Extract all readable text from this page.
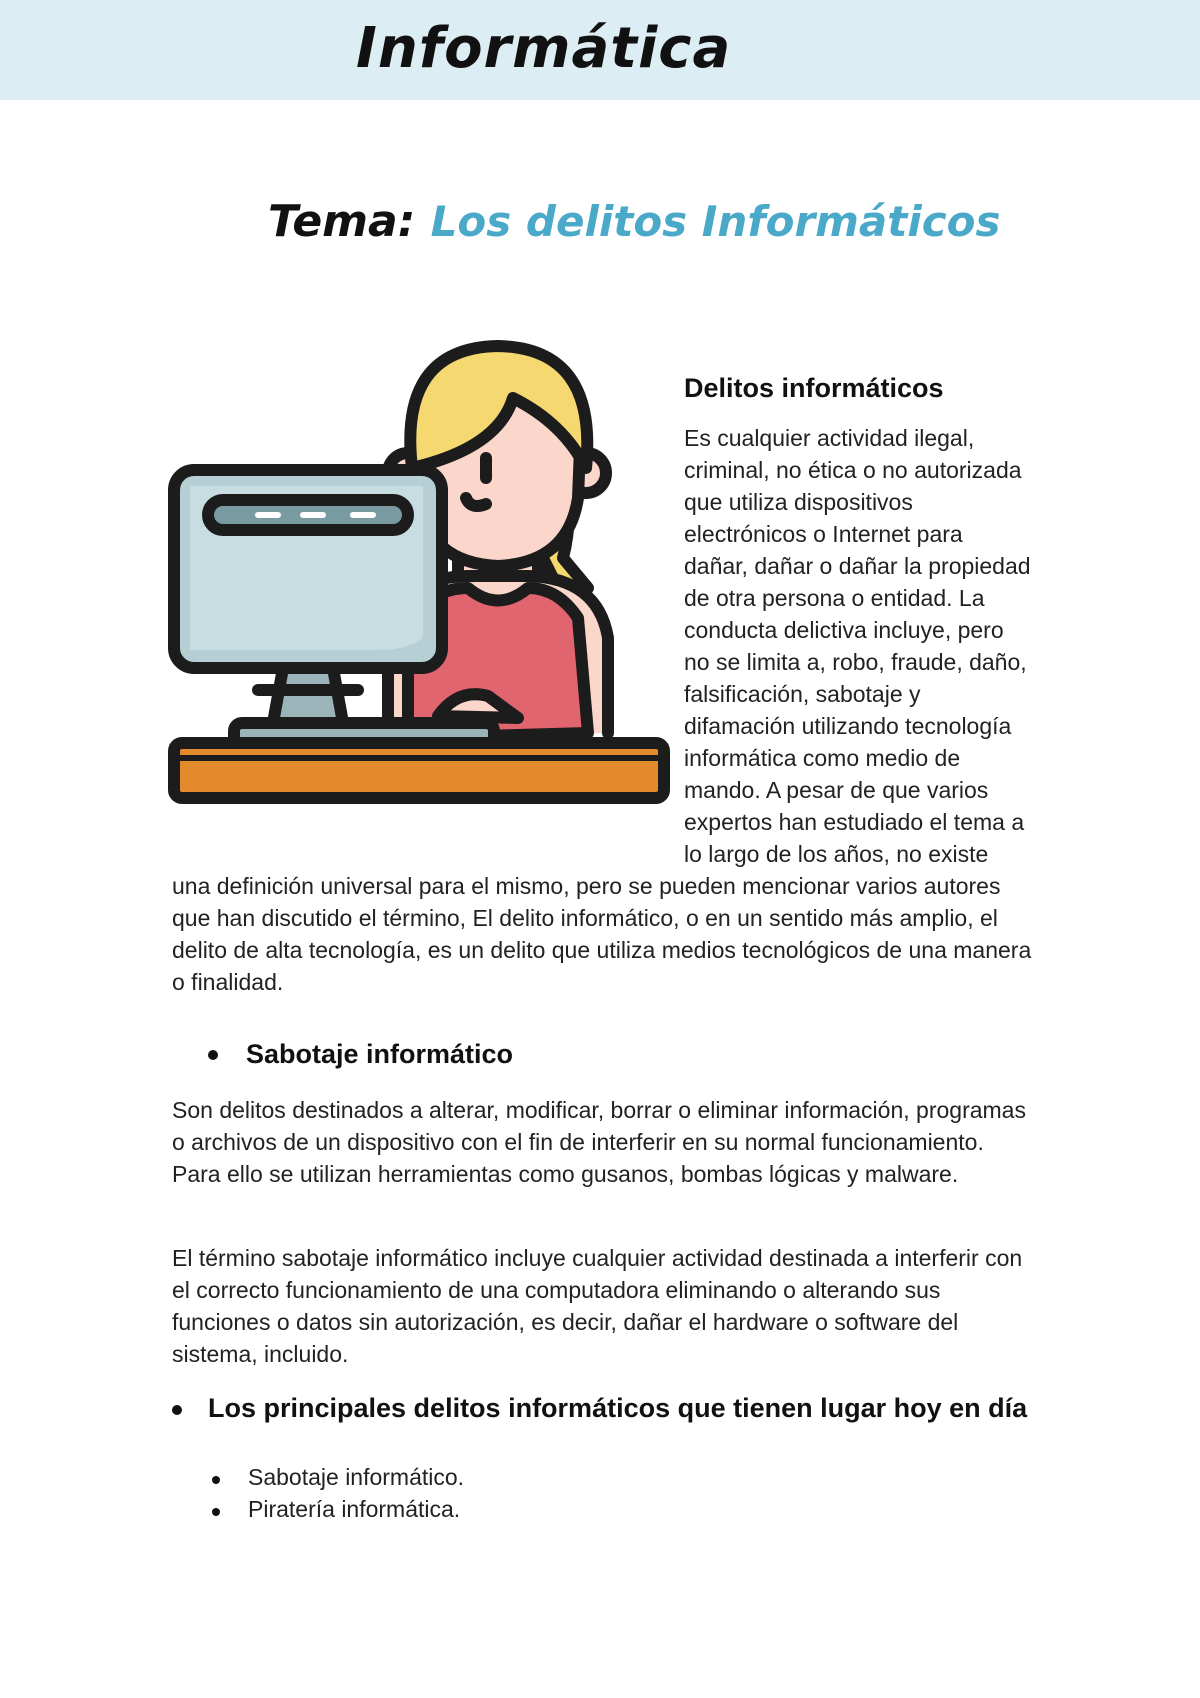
Informática
Tema: Los delitos Informáticos
Delitos informáticos

Es cualquier actividad ilegal, criminal, no ética o no autorizada que utiliza dispositivos electrónicos o Internet para dañar, dañar o dañar la propiedad de otra persona o entidad. La conducta delictiva incluye, pero no se limita a, robo, fraude, daño, falsificación, sabotaje y difamación utilizando tecnología informática como medio de mando. A pesar de que varios expertos han estudiado el tema a lo largo de los años, no existe una definición universal para el mismo, pero se pueden mencionar varios autores que han discutido el término, El delito informático, o en un sentido más amplio, el delito de alta tecnología, es un delito que utiliza medios tecnológicos de una manera o finalidad.

Sabotaje informático

Son delitos destinados a alterar, modificar, borrar o eliminar información, programas o archivos de un dispositivo con el fin de interferir en su normal funcionamiento. Para ello se utilizan herramientas como gusanos, bombas lógicas y malware.

El término sabotaje informático incluye cualquier actividad destinada a interferir con el correcto funcionamiento de una computadora eliminando o alterando sus funciones o datos sin autorización, es decir, dañar el hardware o software del sistema, incluido.

Los principales delitos informáticos que tienen lugar hoy en día
Sabotaje informático.
Piratería informática.
